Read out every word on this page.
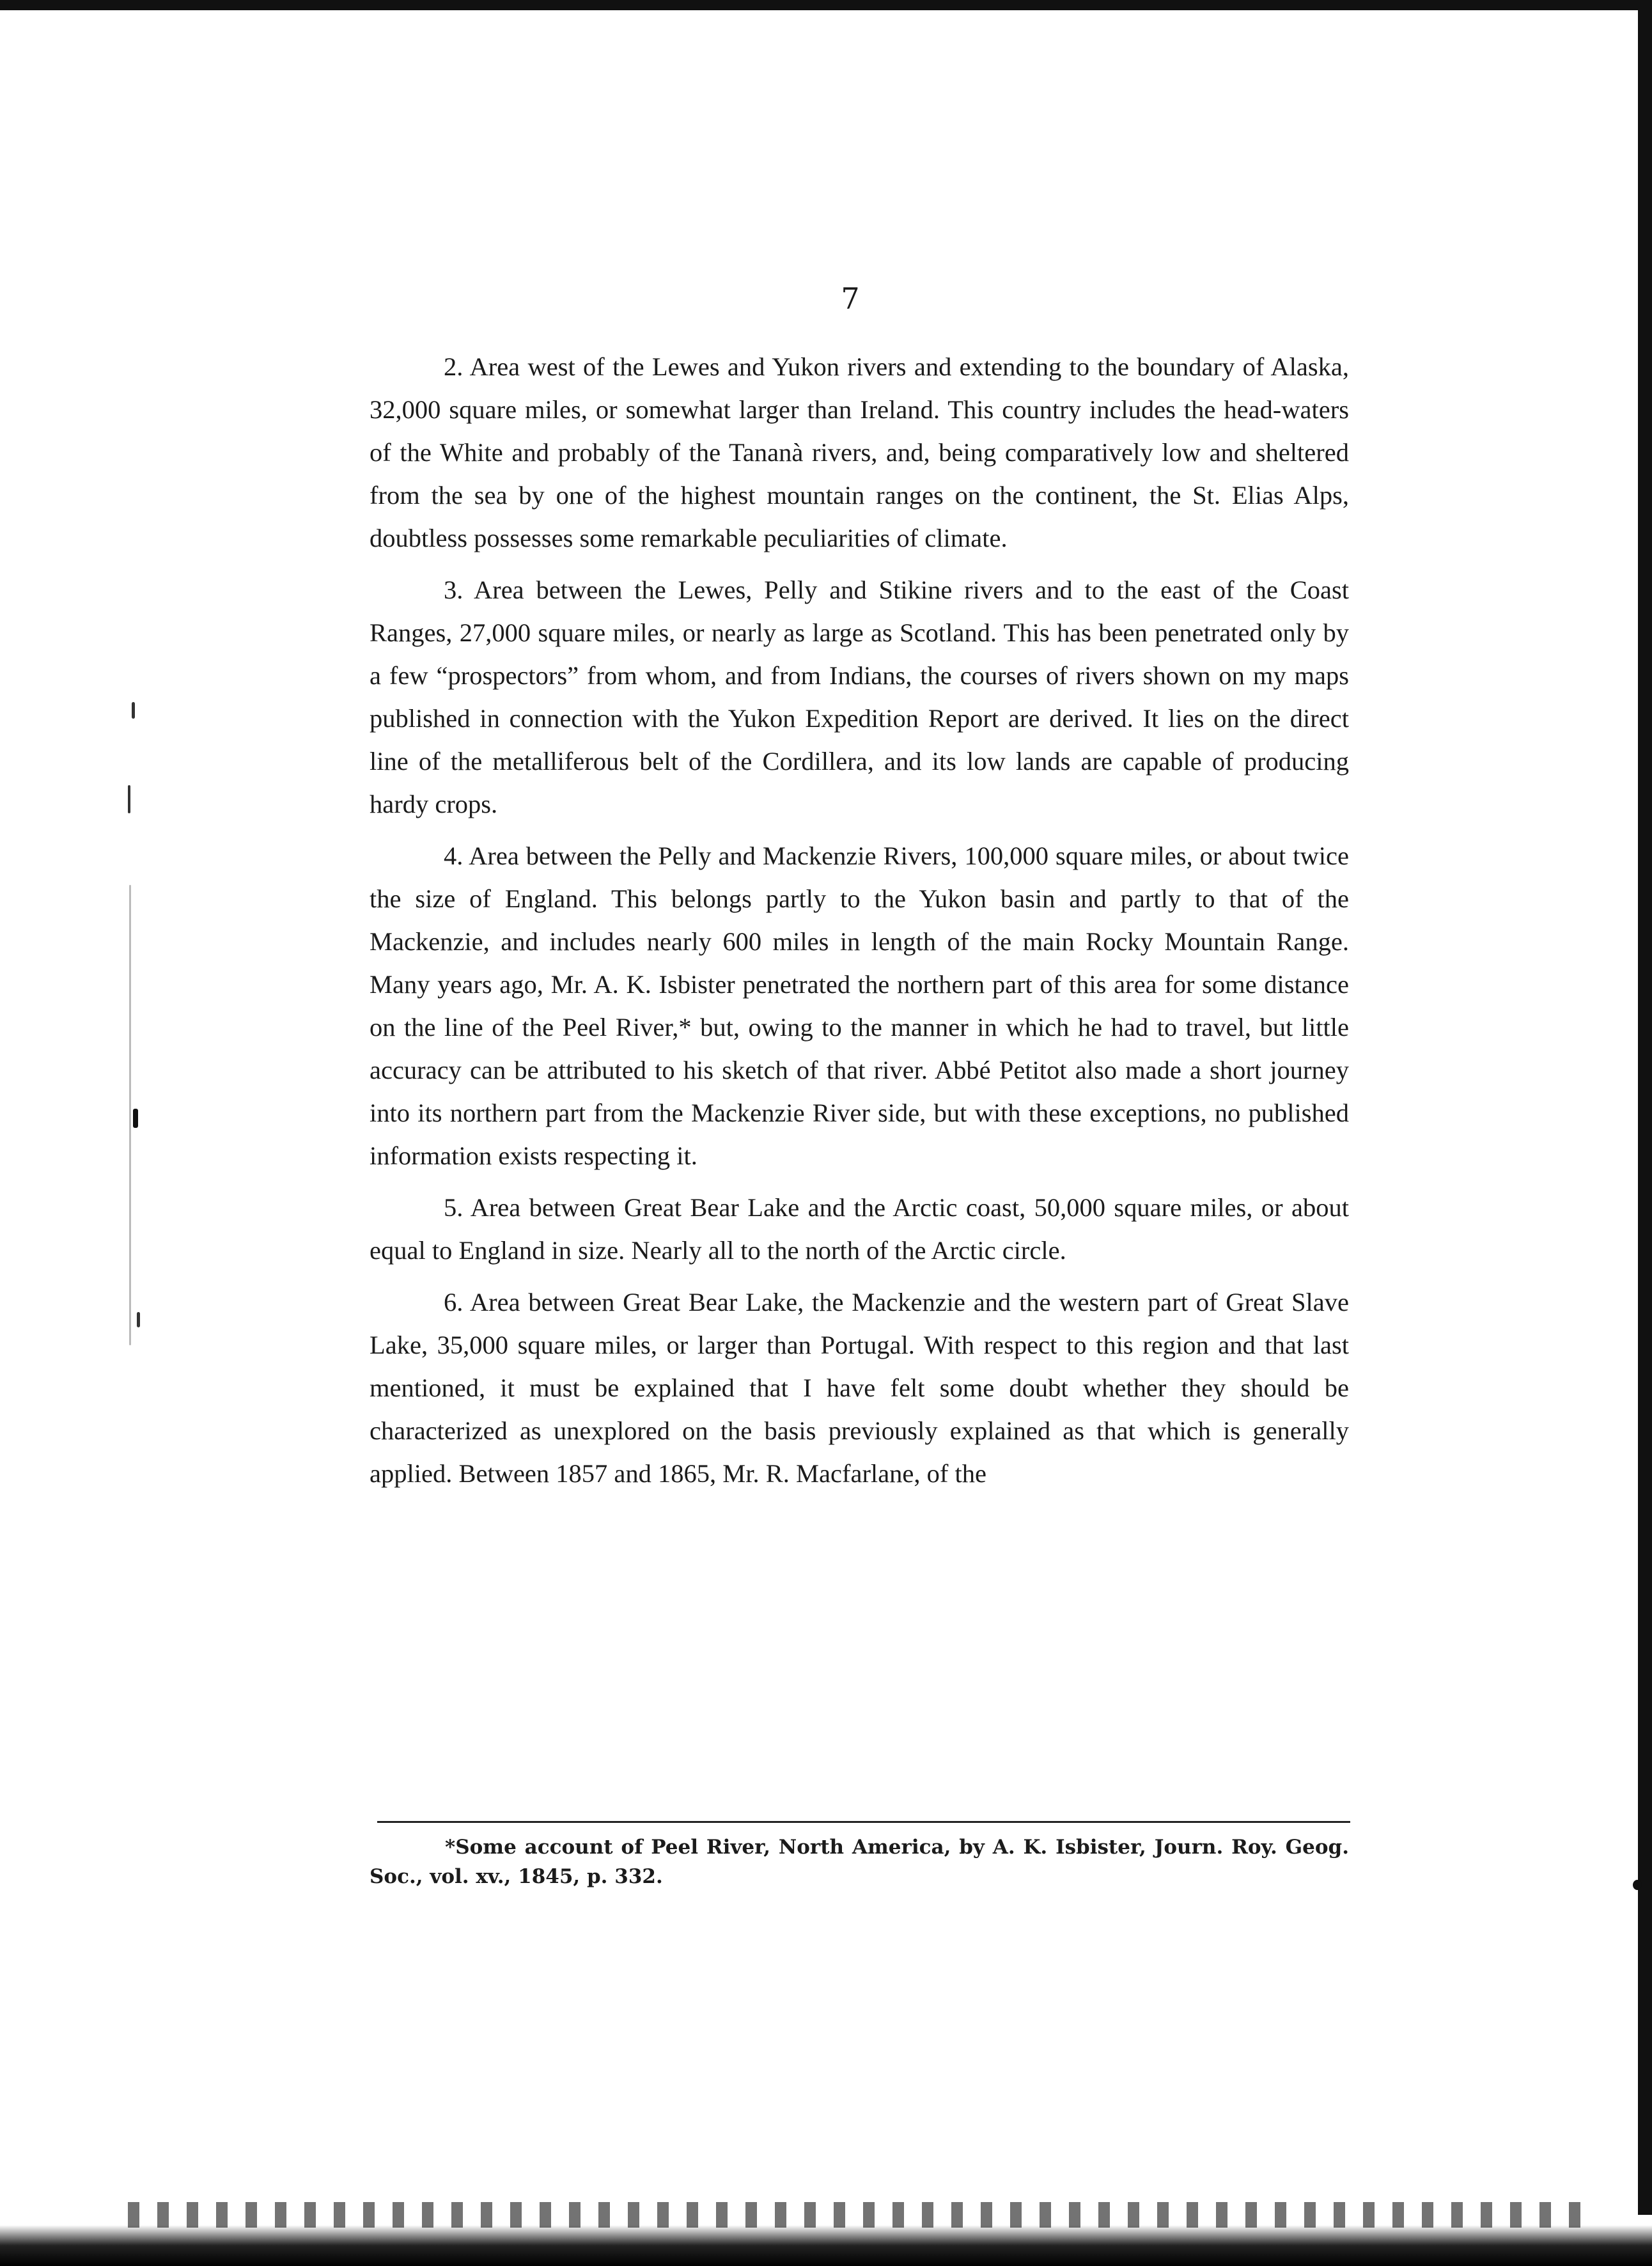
7

2. Area west of the Lewes and Yukon rivers and extending to the boundary of Alaska, 32,000 square miles, or somewhat larger than Ireland. This country includes the head-waters of the White and probably of the Tananà rivers, and, being comparatively low and sheltered from the sea by one of the highest mountain ranges on the continent, the St. Elias Alps, doubtless possesses some remarkable peculiarities of climate.

3. Area between the Lewes, Pelly and Stikine rivers and to the east of the Coast Ranges, 27,000 square miles, or nearly as large as Scotland. This has been penetrated only by a few “prospectors” from whom, and from Indians, the courses of rivers shown on my maps published in connection with the Yukon Expedition Report are derived. It lies on the direct line of the metalliferous belt of the Cordillera, and its low lands are capable of producing hardy crops.

4. Area between the Pelly and Mackenzie Rivers, 100,000 square miles, or about twice the size of England. This belongs partly to the Yukon basin and partly to that of the Mackenzie, and includes nearly 600 miles in length of the main Rocky Mountain Range. Many years ago, Mr. A. K. Isbister penetrated the northern part of this area for some distance on the line of the Peel River,* but, owing to the manner in which he had to travel, but little accuracy can be attributed to his sketch of that river. Abbé Petitot also made a short journey into its northern part from the Mackenzie River side, but with these exceptions, no published information exists respecting it.

5. Area between Great Bear Lake and the Arctic coast, 50,000 square miles, or about equal to England in size. Nearly all to the north of the Arctic circle.

6. Area between Great Bear Lake, the Mackenzie and the western part of Great Slave Lake, 35,000 square miles, or larger than Portugal. With respect to this region and that last mentioned, it must be explained that I have felt some doubt whether they should be characterized as unexplored on the basis previously explained as that which is generally applied. Between 1857 and 1865, Mr. R. Macfarlane, of the

*Some account of Peel River, North America, by A. K. Isbister, Journ. Roy. Geog. Soc., vol. xv., 1845, p. 332.
